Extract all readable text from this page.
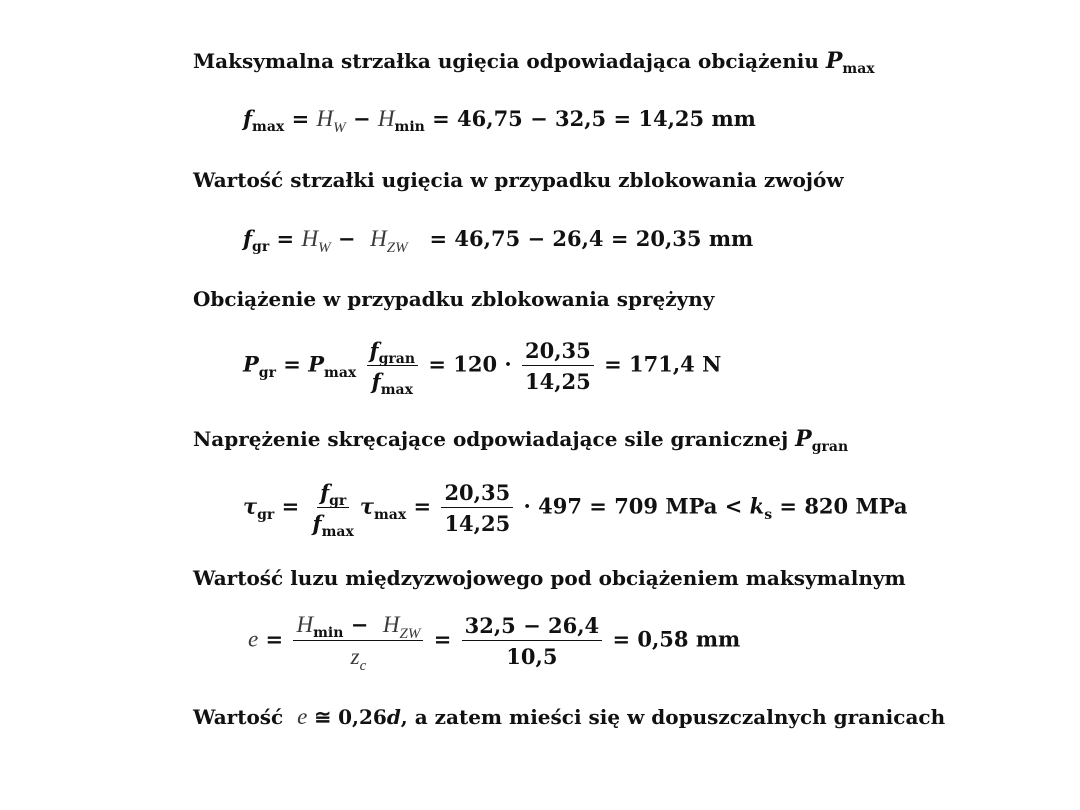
Maksymalna strzałka ugięcia odpowiadająca obciążeniu $P_{max}$
$f_{max} = H_W - H_{min} = 46,75 - 32,5 = 14,25$ mm
Wartość strzałki ugięcia w przypadku zblokowania zwojów
$f_{gr} = H_W - H_{ZW} = 46,75 - 26,4 = 20,35$ mm
Obciążenie w przypadku zblokowania sprężyny
$P_{gr} = P_{max} \frac{f_{gran}}{f_{max}} = 120 \cdot \frac{20,35}{14,25} = 171,4$ N
Naprężenie skręcające odpowiadające sile granicznej $P_{gran}$
$\tau_{gr} = \frac{f_{gr}}{f_{max}} \tau_{max} = \frac{20,35}{14,25} \cdot 497 = 709$ MPa < $k_s = 820$ MPa
Wartość luzu międzyzwojowego pod obciążeniem maksymalnym
$e = \frac{H_{min} - H_{ZW}}{z_c} = \frac{32,5 - 26,4}{10,5} = 0,58$ mm
Wartość e ≅ 0,26d, a zatem mieści się w dopuszczalnych granicach
